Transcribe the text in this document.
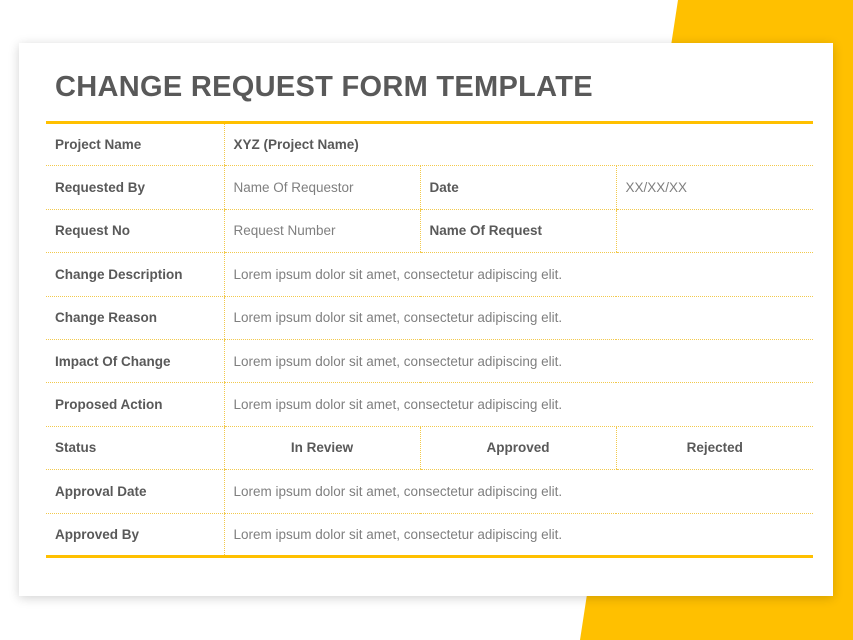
CHANGE REQUEST FORM TEMPLATE
Project Name	XYZ (Project Name)		
Requested By	Name Of Requestor	Date	XX/XX/XX
Request No	Request Number	Name Of Request	
Change Description	Lorem ipsum dolor sit amet, consectetur adipiscing elit.		
Change Reason	Lorem ipsum dolor sit amet, consectetur adipiscing elit.		
Impact Of Change	Lorem ipsum dolor sit amet, consectetur adipiscing elit.		
Proposed Action	Lorem ipsum dolor sit amet, consectetur adipiscing elit.		
Status	In Review	Approved	Rejected
Approval Date	Lorem ipsum dolor sit amet, consectetur adipiscing elit.		
Approved By	Lorem ipsum dolor sit amet, consectetur adipiscing elit.		
